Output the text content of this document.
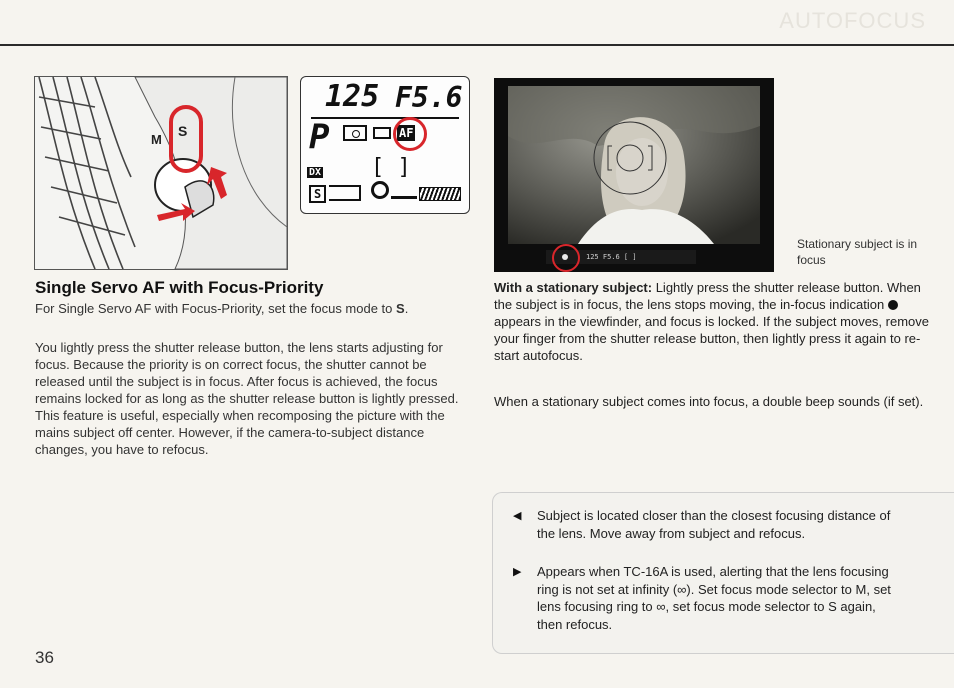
AUTOFOCUS
M
S
125 F5.6
P	AF
DX [ ]
S
125 F5.6 [ ]
Stationary subject is in focus
Single Servo AF with Focus-Priority
For Single Servo AF with Focus-Priority, set the focus mode to S.
You lightly press the shutter release button, the lens starts adjusting for focus. Because the priority is on correct focus, the shutter cannot be released until the subject is in focus. After focus is achieved, the focus remains locked for as long as the shutter release button is lightly pressed. This feature is useful, especially when recomposing the picture with the mains subject off center. However, if the camera-to-subject distance changes, you have to refocus.
With a stationary subject: Lightly press the shutter release button. When the subject is in focus, the lens stops moving, the in-focus indication  appears in the viewfinder, and focus is locked. If the subject moves, remove your finger from the shutter release button, then lightly press it again to re-start autofocus.
When a stationary subject comes into focus, a double beep sounds (if set).
◀ Subject is located closer than the closest focusing distance of the lens. Move away from subject and refocus.
▶ Appears when TC-16A is used, alerting that the lens focusing ring is not set at infinity (∞). Set focus mode selector to M, set lens focusing ring to ∞, set focus mode selector to S again, then refocus.
36
